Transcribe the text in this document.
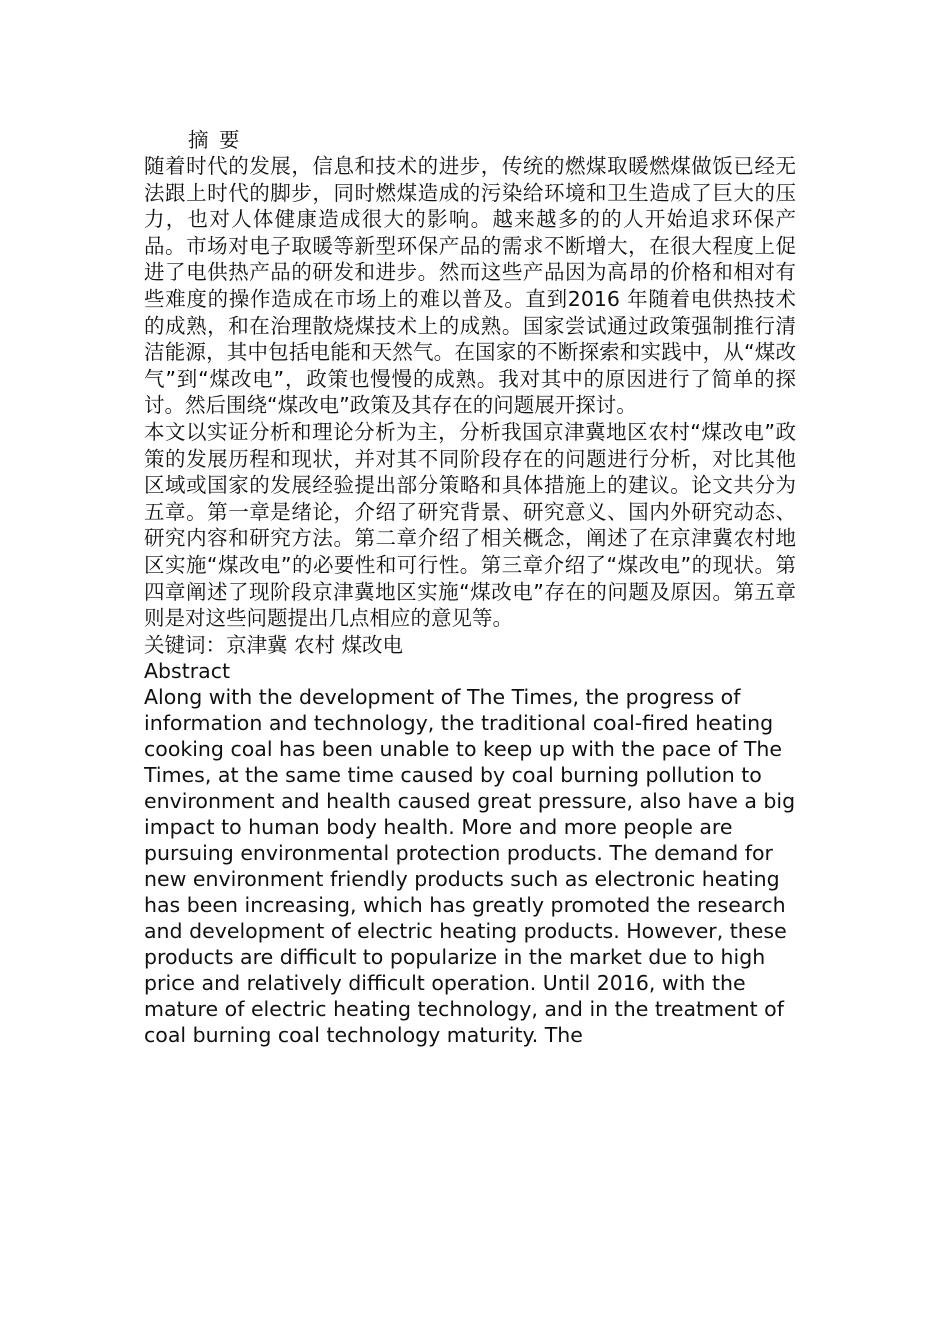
摘 要

随着时代的发展，信息和技术的进步，传统的燃煤取暖燃煤做饭已经无法跟上时代的脚步，同时燃煤造成的污染给环境和卫生造成了巨大的压力，也对人体健康造成很大的影响。越来越多的的人开始追求环保产品。市场对电子取暖等新型环保产品的需求不断增大，在很大程度上促进了电供热产品的研发和进步。然而这些产品因为高昂的价格和相对有些难度的操作造成在市场上的难以普及。直到2016 年随着电供热技术的成熟，和在治理散烧煤技术上的成熟。国家尝试通过政策强制推行清洁能源，其中包括电能和天然气。在国家的不断探索和实践中，从“煤改气”到“煤改电”，政策也慢慢的成熟。我对其中的原因进行了简单的探讨。然后围绕“煤改电”政策及其存在的问题展开探讨。

本文以实证分析和理论分析为主，分析我国京津冀地区农村“煤改电”政策的发展历程和现状，并对其不同阶段存在的问题进行分析，对比其他区域或国家的发展经验提出部分策略和具体措施上的建议。论文共分为五章。第一章是绪论，介绍了研究背景、研究意义、国内外研究动态、研究内容和研究方法。第二章介绍了相关概念，阐述了在京津冀农村地区实施“煤改电”的必要性和可行性。第三章介绍了“煤改电”的现状。第四章阐述了现阶段京津冀地区实施“煤改电”存在的问题及原因。第五章则是对这些问题提出几点相应的意见等。

关键词：京津冀 农村 煤改电

Abstract

Along with the development of The Times, the progress of information and technology, the traditional coal-fired heating cooking coal has been unable to keep up with the pace of The Times, at the same time caused by coal burning pollution to environment and health caused great pressure, also have a big impact to human body health. More and more people are pursuing environmental protection products. The demand for new environment friendly products such as electronic heating has been increasing, which has greatly promoted the research and development of electric heating products. However, these products are difficult to popularize in the market due to high price and relatively difficult operation. Until 2016, with the mature of electric heating technology, and in the treatment of coal burning coal technology maturity. The
